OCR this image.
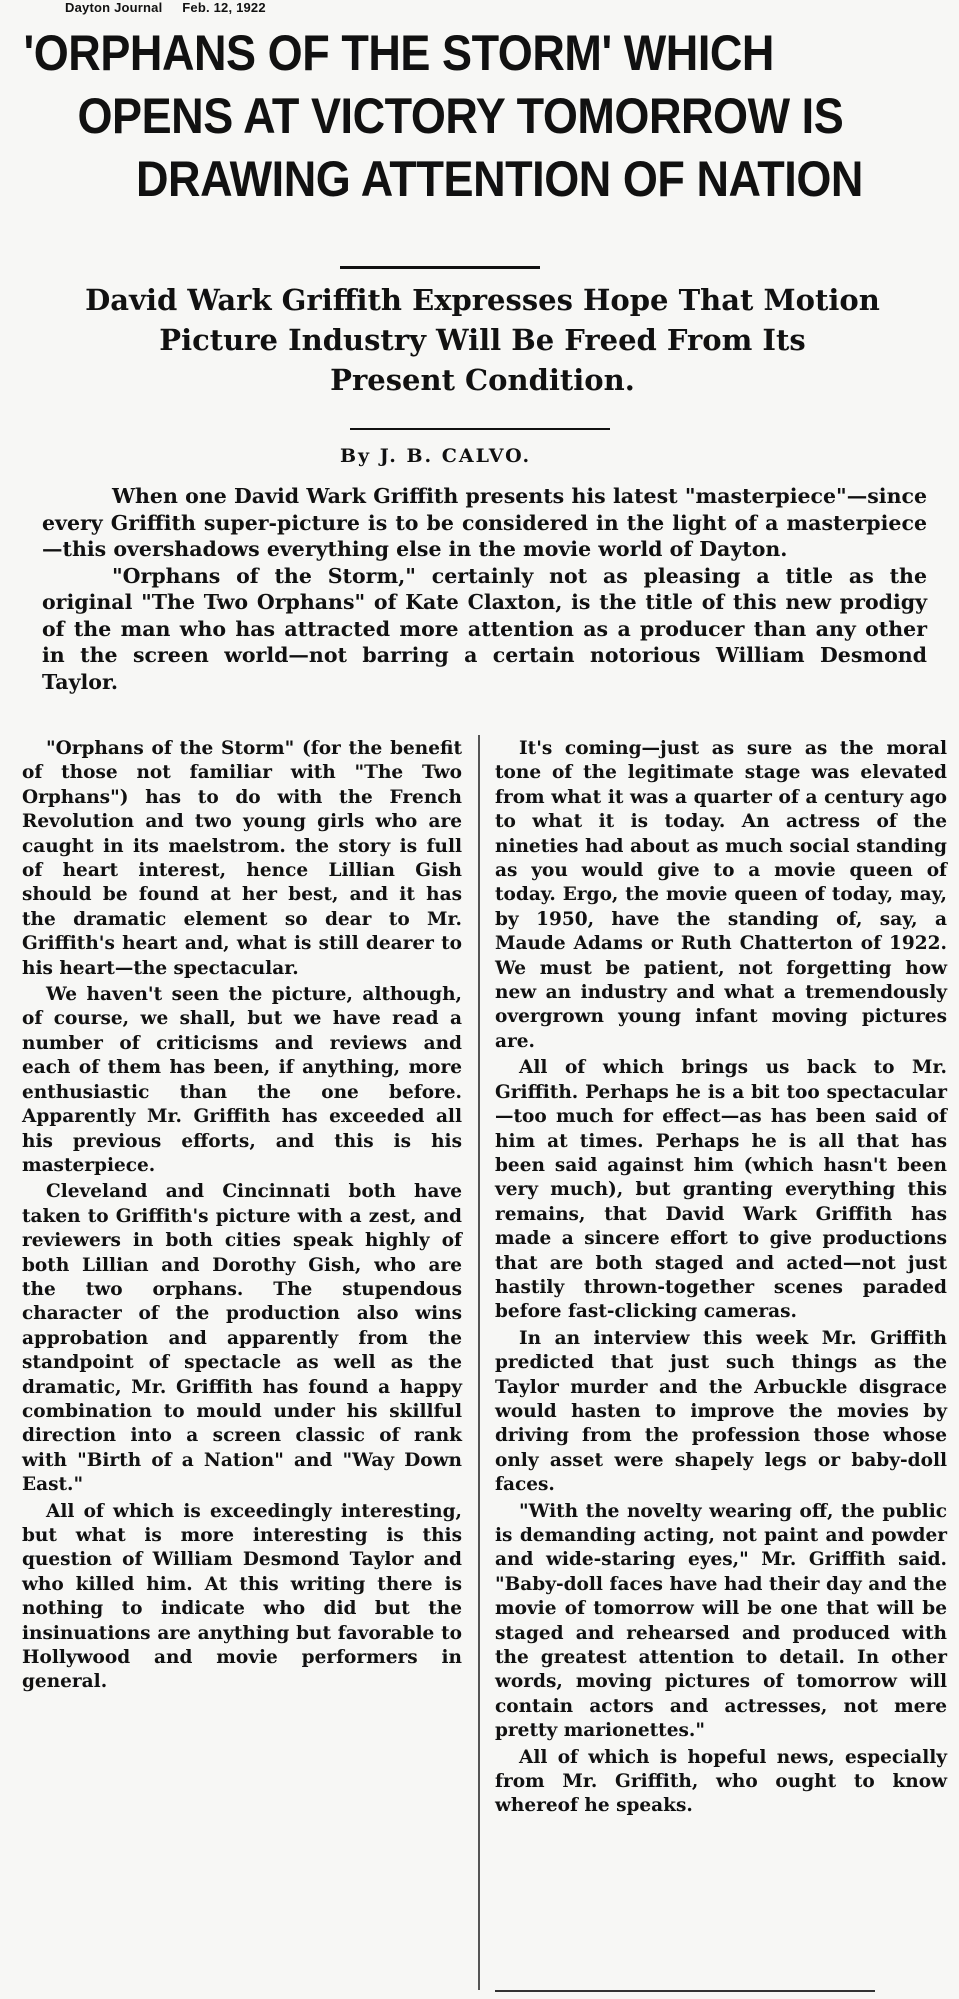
Dayton Journal Feb. 12, 1922
'ORPHANS OF THE STORM' WHICH
OPENS AT VICTORY TOMORROW IS
DRAWING ATTENTION OF NATION
David Wark Griffith Expresses Hope That Motion
Picture Industry Will Be Freed From Its
Present Condition.
By J. B. CALVO.

When one David Wark Griffith presents his latest "masterpiece"—since every Griffith super-picture is to be considered in the light of a masterpiece—this overshadows everything else in the movie world of Dayton.

"Orphans of the Storm," certainly not as pleasing a title as the original "The Two Orphans" of Kate Claxton, is the title of this new prodigy of the man who has attracted more attention as a producer than any other in the screen world—not barring a certain notorious William Desmond Taylor.

"Orphans of the Storm" (for the benefit of those not familiar with "The Two Orphans") has to do with the French Revolution and two young girls who are caught in its maelstrom. the story is full of heart interest, hence Lillian Gish should be found at her best, and it has the dramatic element so dear to Mr. Griffith's heart and, what is still dearer to his heart—the spectacular.

We haven't seen the picture, although, of course, we shall, but we have read a number of criticisms and reviews and each of them has been, if anything, more enthusiastic than the one before. Apparently Mr. Griffith has exceeded all his previous efforts, and this is his masterpiece.

Cleveland and Cincinnati both have taken to Griffith's picture with a zest, and reviewers in both cities speak highly of both Lillian and Dorothy Gish, who are the two orphans. The stupendous character of the production also wins approbation and apparently from the standpoint of spectacle as well as the dramatic, Mr. Griffith has found a happy combination to mould under his skillful direction into a screen classic of rank with "Birth of a Nation" and "Way Down East."

All of which is exceedingly interesting, but what is more interesting is this question of William Desmond Taylor and who killed him. At this writing there is nothing to indicate who did but the insinuations are anything but favorable to Hollywood and movie performers in general.

It's coming—just as sure as the moral tone of the legitimate stage was elevated from what it was a quarter of a century ago to what it is today. An actress of the nineties had about as much social standing as you would give to a movie queen of today. Ergo, the movie queen of today, may, by 1950, have the standing of, say, a Maude Adams or Ruth Chatterton of 1922. We must be patient, not forgetting how new an industry and what a tremendously overgrown young infant moving pictures are.

All of which brings us back to Mr. Griffith. Perhaps he is a bit too spectacular—too much for effect—as has been said of him at times. Perhaps he is all that has been said against him (which hasn't been very much), but granting everything this remains, that David Wark Griffith has made a sincere effort to give productions that are both staged and acted—not just hastily thrown-together scenes paraded before fast-clicking cameras.

In an interview this week Mr. Griffith predicted that just such things as the Taylor murder and the Arbuckle disgrace would hasten to improve the movies by driving from the profession those whose only asset were shapely legs or baby-doll faces.

"With the novelty wearing off, the public is demanding acting, not paint and powder and wide-staring eyes," Mr. Griffith said. "Baby-doll faces have had their day and the movie of tomorrow will be one that will be staged and rehearsed and produced with the greatest attention to detail. In other words, moving pictures of tomorrow will contain actors and actresses, not mere pretty marionettes."

All of which is hopeful news, especially from Mr. Griffith, who ought to know whereof he speaks.
